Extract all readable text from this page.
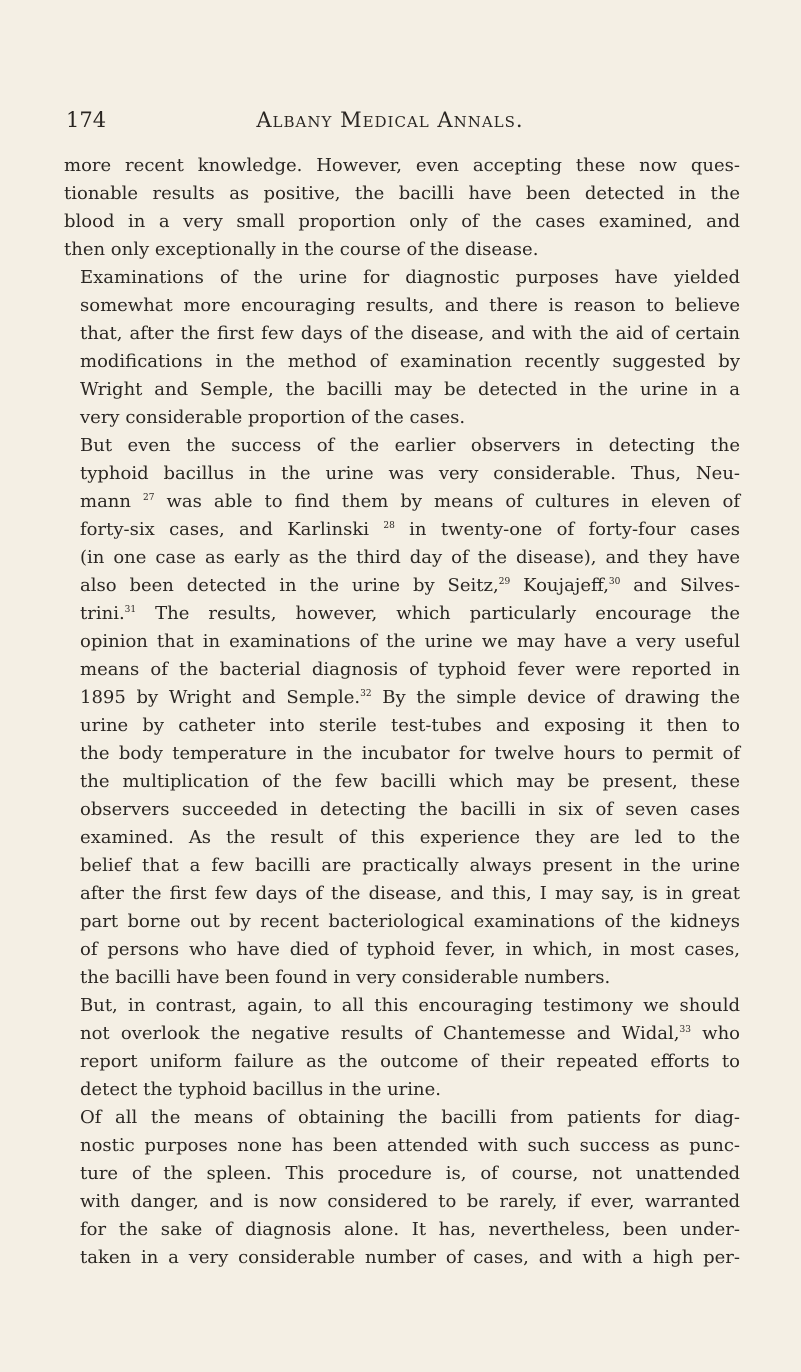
174	Albany Medical Annals.
more recent knowledge. However, even accepting these now ques-
tionable results as positive, the bacilli have been detected in the
blood in a very small proportion only of the cases examined, and
then only exceptionally in the course of the disease.
Examinations of the urine for diagnostic purposes have yielded
somewhat more encouraging results, and there is reason to believe
that, after the first few days of the disease, and with the aid of certain
modifications in the method of examination recently suggested by
Wright and Semple, the bacilli may be detected in the urine in a
very considerable proportion of the cases.
But even the success of the earlier observers in detecting the
typhoid bacillus in the urine was very considerable. Thus, Neu-
mann $^{27}$ was able to find them by means of cultures in eleven of
forty-six cases, and Karlinski $^{28}$ in twenty-one of forty-four cases
(in one case as early as the third day of the disease), and they have
also been detected in the urine by Seitz,$^{29}$ Koujajeff,$^{30}$ and Silves-
trini.$^{31}$ The results, however, which particularly encourage the
opinion that in examinations of the urine we may have a very useful
means of the bacterial diagnosis of typhoid fever were reported in
1895 by Wright and Semple.$^{32}$ By the simple device of drawing the
urine by catheter into sterile test-tubes and exposing it then to
the body temperature in the incubator for twelve hours to permit of
the multiplication of the few bacilli which may be present, these
observers succeeded in detecting the bacilli in six of seven cases
examined. As the result of this experience they are led to the
belief that a few bacilli are practically always present in the urine
after the first few days of the disease, and this, I may say, is in great
part borne out by recent bacteriological examinations of the kidneys
of persons who have died of typhoid fever, in which, in most cases,
the bacilli have been found in very considerable numbers.
But, in contrast, again, to all this encouraging testimony we should
not overlook the negative results of Chantemesse and Widal,$^{33}$ who
report uniform failure as the outcome of their repeated efforts to
detect the typhoid bacillus in the urine.
Of all the means of obtaining the bacilli from patients for diag-
nostic purposes none has been attended with such success as punc-
ture of the spleen. This procedure is, of course, not unattended
with danger, and is now considered to be rarely, if ever, warranted
for the sake of diagnosis alone. It has, nevertheless, been under-
taken in a very considerable number of cases, and with a high per-
